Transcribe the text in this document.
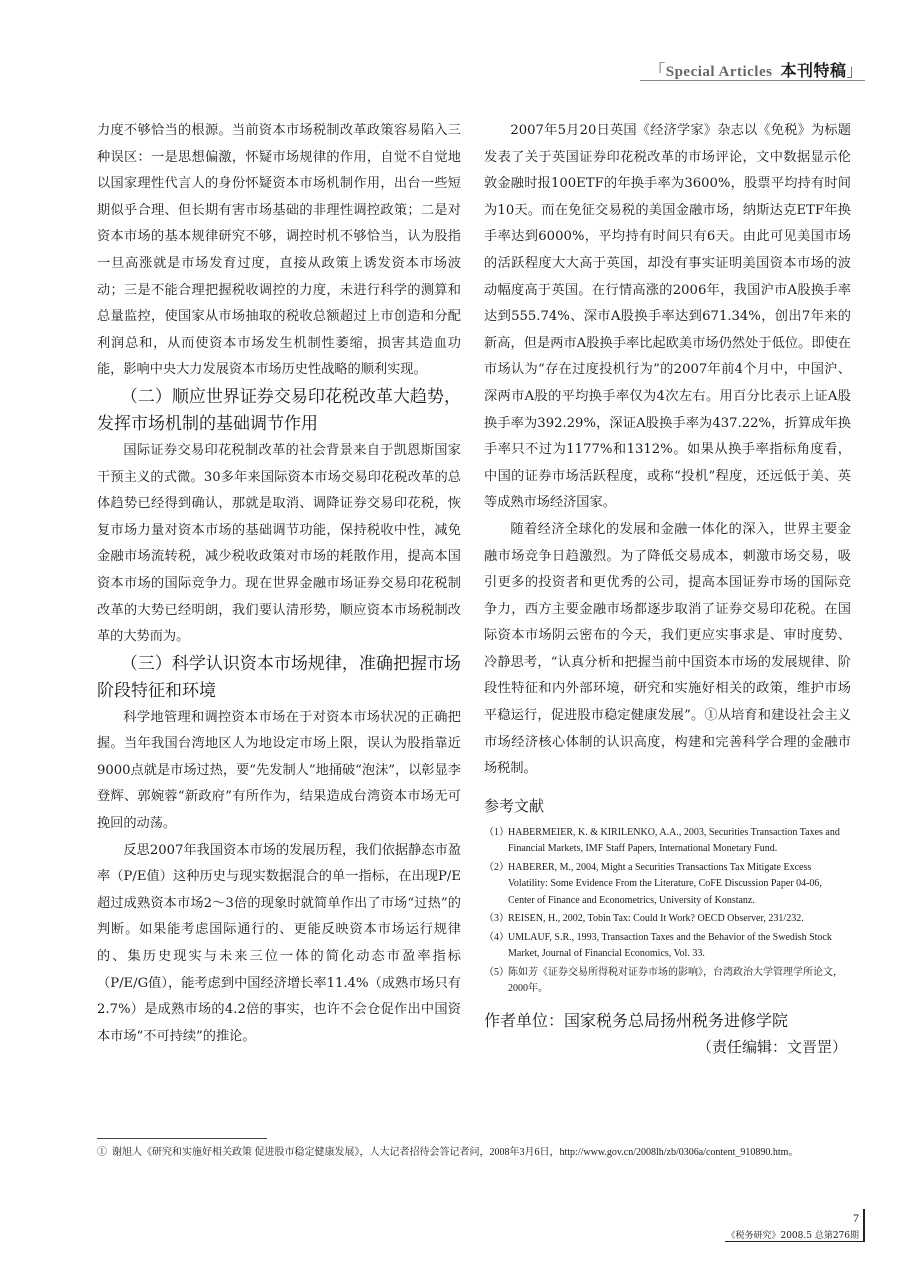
「Special Articles 本刊特稿」

力度不够恰当的根源。当前资本市场税制改革政策容易陷入三种误区：一是思想偏激，怀疑市场规律的作用，自觉不自觉地以国家理性代言人的身份怀疑资本市场机制作用，出台一些短期似乎合理、但长期有害市场基础的非理性调控政策；二是对资本市场的基本规律研究不够，调控时机不够恰当，认为股指一旦高涨就是市场发育过度，直接从政策上诱发资本市场波动；三是不能合理把握税收调控的力度，未进行科学的测算和总量监控，使国家从市场抽取的税收总额超过上市创造和分配利润总和，从而使资本市场发生机制性萎缩，损害其造血功能，影响中央大力发展资本市场历史性战略的顺利实现。

（二）顺应世界证券交易印花税改革大趋势，发挥市场机制的基础调节作用

国际证券交易印花税制改革的社会背景来自于凯恩斯国家干预主义的式微。30多年来国际资本市场交易印花税改革的总体趋势已经得到确认，那就是取消、调降证券交易印花税，恢复市场力量对资本市场的基础调节功能，保持税收中性，减免金融市场流转税，减少税收政策对市场的耗散作用，提高本国资本市场的国际竞争力。现在世界金融市场证券交易印花税制改革的大势已经明朗，我们要认清形势，顺应资本市场税制改革的大势而为。

（三）科学认识资本市场规律，准确把握市场阶段特征和环境

科学地管理和调控资本市场在于对资本市场状况的正确把握。当年我国台湾地区人为地设定市场上限，误认为股指靠近9000点就是市场过热，要“先发制人”地捅破“泡沫”，以彰显李登辉、郭婉蓉“新政府”有所作为，结果造成台湾资本市场无可挽回的动荡。

反思2007年我国资本市场的发展历程，我们依据静态市盈率（P/E值）这种历史与现实数据混合的单一指标，在出现P/E 超过成熟资本市场2～3倍的现象时就简单作出了市场“过热”的判断。如果能考虑国际通行的、更能反映资本市场运行规律的、集历史现实与未来三位一体的简化动态市盈率指标（P/E/G值），能考虑到中国经济增长率11.4%（成熟市场只有2.7%）是成熟市场的4.2倍的事实，也许不会仓促作出中国资本市场“不可持续”的推论。

2007年5月20日英国《经济学家》杂志以《免税》为标题发表了关于英国证券印花税改革的市场评论，文中数据显示伦敦金融时报100ETF的年换手率为3600%，股票平均持有时间为10天。而在免征交易税的美国金融市场，纳斯达克ETF年换手率达到6000%，平均持有时间只有6天。由此可见美国市场的活跃程度大大高于英国，却没有事实证明美国资本市场的波动幅度高于英国。在行情高涨的2006年，我国沪市A股换手率达到555.74%、深市A股换手率达到671.34%，创出7年来的新高，但是两市A股换手率比起欧美市场仍然处于低位。即使在市场认为“存在过度投机行为”的2007年前4个月中，中国沪、深两市A股的平均换手率仅为4次左右。用百分比表示上证A股换手率为392.29%，深证A股换手率为437.22%，折算成年换手率只不过为1177%和1312%。如果从换手率指标角度看，中国的证券市场活跃程度，或称“投机”程度，还远低于美、英等成熟市场经济国家。

随着经济全球化的发展和金融一体化的深入，世界主要金融市场竞争日趋激烈。为了降低交易成本，刺激市场交易，吸引更多的投资者和更优秀的公司，提高本国证券市场的国际竞争力，西方主要金融市场都逐步取消了证券交易印花税。在国际资本市场阴云密布的今天，我们更应实事求是、审时度势、冷静思考，“认真分析和把握当前中国资本市场的发展规律、阶段性特征和内外部环境，研究和实施好相关的政策，维护市场平稳运行，促进股市稳定健康发展”。①从培育和建设社会主义市场经济核心体制的认识高度，构建和完善科学合理的金融市场税制。

参考文献
（1） HABERMEIER, K. & KIRILENKO, A.A., 2003, Securities Transaction Taxes and Financial Markets, IMF Staff Papers, International Monetary Fund.
（2） HABERER, M., 2004, Might a Securities Transactions Tax Mitigate Excess Volatility: Some Evidence From the Literature, CoFE Discussion Paper 04-06, Center of Finance and Econometrics, University of Konstanz.
（3） REISEN, H., 2002, Tobin Tax: Could It Work? OECD Observer, 231/232.
（4） UMLAUF, S.R., 1993, Transaction Taxes and the Behavior of the Swedish Stock Market, Journal of Financial Economics, Vol. 33.
（5） 陈如芳《证券交易所得税对证券市场的影响》，台湾政治大学管理学所论文，2000年。
作者单位：国家税务总局扬州税务进修学院
（责任编辑：文晋罡）
① 谢旭人《研究和实施好相关政策 促进股市稳定健康发展》，人大记者招待会答记者问，2008年3月6日，http://www.gov.cn/2008lh/zb/0306a/content_910890.htm。
7
《税务研究》2008.5 总第276期
